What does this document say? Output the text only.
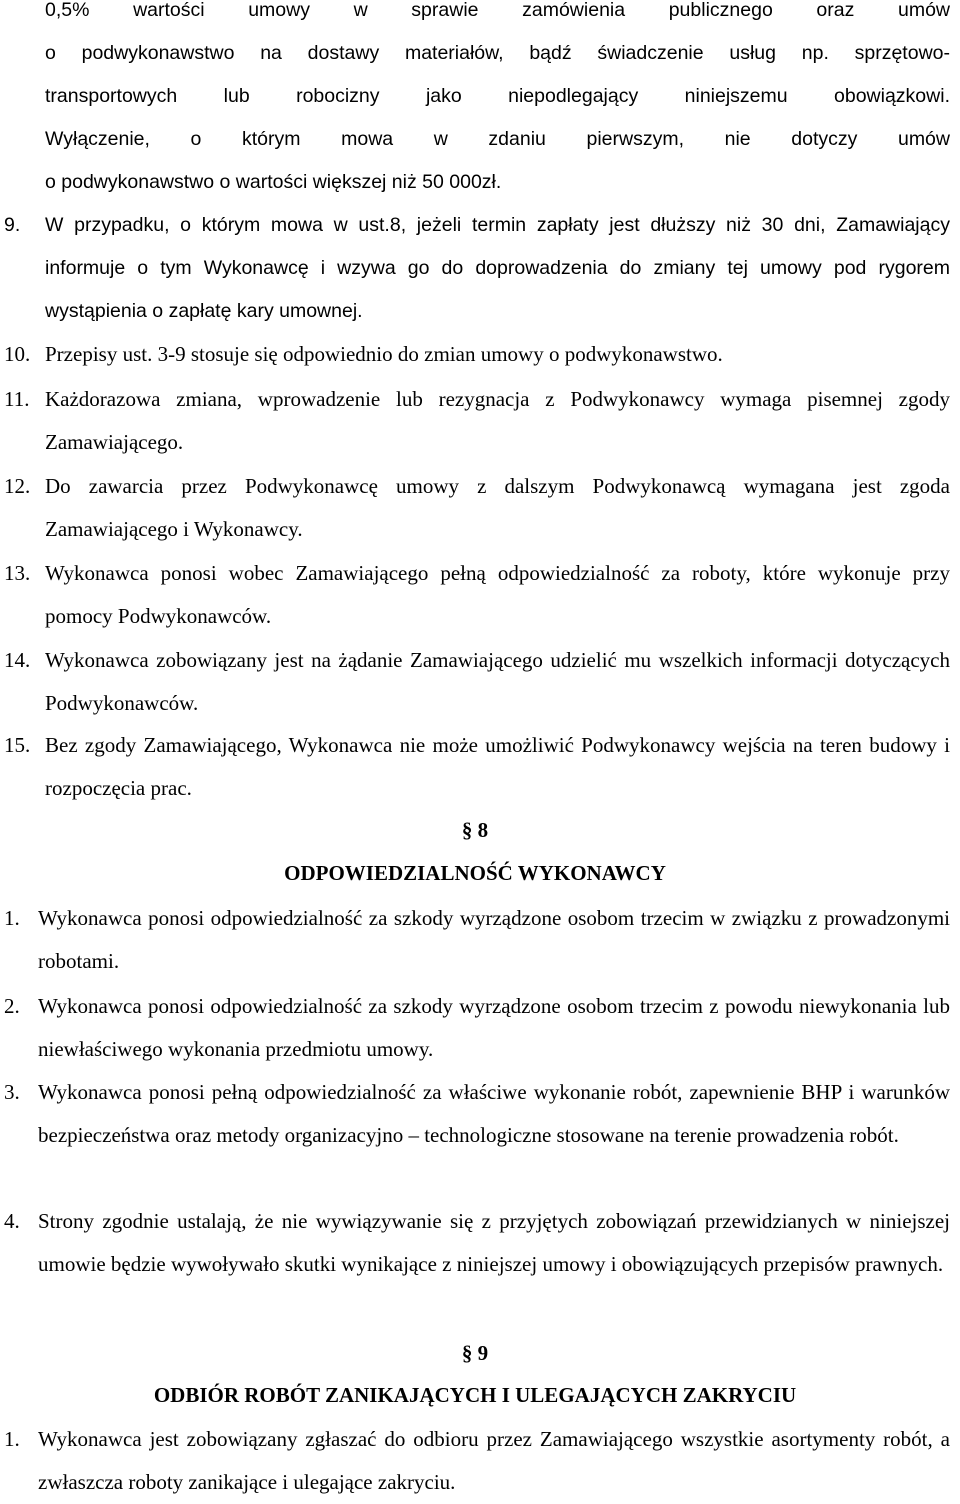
0,5% wartości umowy w sprawie zamówienia publicznego oraz umów
o podwykonawstwo na dostawy materiałów, bądź świadczenie usług np. sprzętowo-
transportowych lub robocizny jako niepodlegający niniejszemu obowiązkowi.
Wyłączenie, o którym mowa w zdaniu pierwszym, nie dotyczy umów
o podwykonawstwo o wartości większej niż 50 000zł.
9. W przypadku, o którym mowa w ust.8, jeżeli termin zapłaty jest dłuższy niż 30 dni, Zamawiający informuje o tym Wykonawcę i wzywa go do doprowadzenia do zmiany tej umowy pod rygorem wystąpienia o zapłatę kary umownej.
10. Przepisy ust. 3-9 stosuje się odpowiednio do zmian umowy o podwykonawstwo.
11. Każdorazowa zmiana, wprowadzenie lub rezygnacja z Podwykonawcy wymaga pisemnej zgody Zamawiającego.
12. Do zawarcia przez Podwykonawcę umowy z dalszym Podwykonawcą wymagana jest zgoda Zamawiającego i Wykonawcy.
13. Wykonawca ponosi wobec Zamawiającego pełną odpowiedzialność za roboty, które wykonuje przy pomocy Podwykonawców.
14. Wykonawca zobowiązany jest na żądanie Zamawiającego udzielić mu wszelkich informacji dotyczących Podwykonawców.
15. Bez zgody Zamawiającego, Wykonawca nie może umożliwić Podwykonawcy wejścia na teren budowy i rozpoczęcia prac.
§ 8
ODPOWIEDZIALNOŚĆ WYKONAWCY
1. Wykonawca ponosi odpowiedzialność za szkody wyrządzone osobom trzecim w związku z prowadzonymi robotami.
2. Wykonawca ponosi odpowiedzialność za szkody wyrządzone osobom trzecim z powodu niewykonania lub niewłaściwego wykonania przedmiotu umowy.
3. Wykonawca ponosi pełną odpowiedzialność za właściwe wykonanie robót, zapewnienie BHP i warunków bezpieczeństwa oraz metody organizacyjno – technologiczne stosowane na terenie prowadzenia robót.
4. Strony zgodnie ustalają, że nie wywiązywanie się z przyjętych zobowiązań przewidzianych w niniejszej umowie będzie wywoływało skutki wynikające z niniejszej umowy i obowiązujących przepisów prawnych.
§ 9
ODBIÓR ROBÓT ZANIKAJĄCYCH I ULEGAJĄCYCH ZAKRYCIU
1. Wykonawca jest zobowiązany zgłaszać do odbioru przez Zamawiającego wszystkie asortymenty robót, a zwłaszcza roboty zanikające i ulegające zakryciu.
